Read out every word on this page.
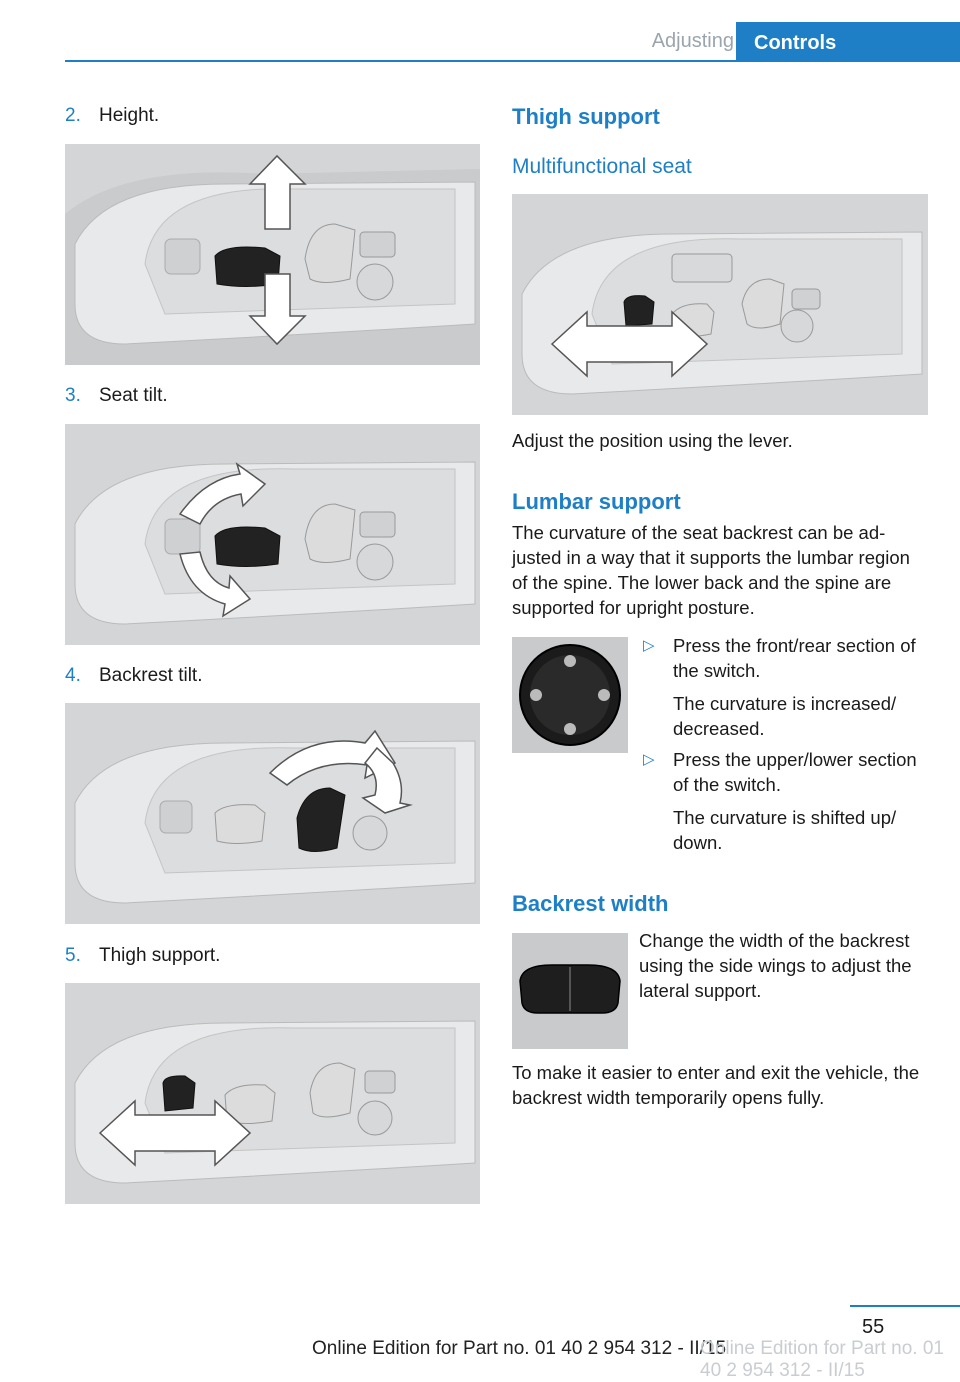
Adjusting	Controls
2. Height.
3. Seat tilt.
4. Backrest tilt.
5. Thigh support.
Thigh support
Multifunctional seat
Adjust the position using the lever.
Lumbar support
The curvature of the seat backrest can be adjusted in a way that it supports the lumbar region of the spine. The lower back and the spine are supported for upright posture.
▷ Press the front/rear section of the switch.
The curvature is increased/ decreased.
▷ Press the upper/lower section of the switch.
The curvature is shifted up/ down.
Backrest width
Change the width of the backrest using the side wings to adjust the lateral support.
To make it easier to enter and exit the vehicle, the backrest width temporarily opens fully.
55
Online Edition for Part no. 01 40 2 954 312 - II/15
Online Edition for Part no. 01 40 2 954 312 - II/15
